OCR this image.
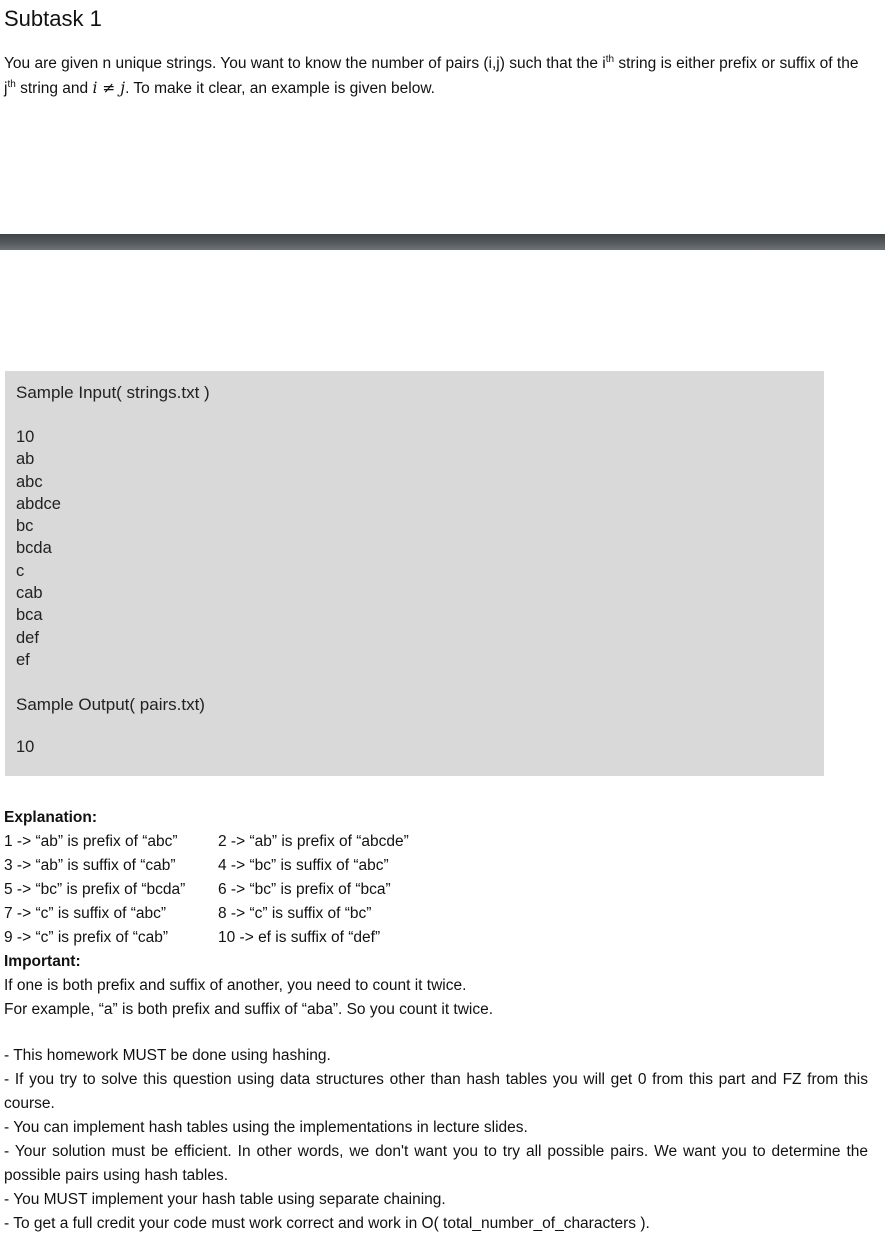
Subtask 1

You are given n unique strings. You want to know the number of pairs (i,j) such that the $i^{th}$ string is either prefix or suffix of the $j^{th}$ string and i ≠ j. To make it clear, an example is given below.

Sample Input( strings.txt )

10
ab
abc
abdce
bc
bcda
c
cab
bca
def
ef

Sample Output( pairs.txt)

10
Explanation:
1 -> “ab” is prefix of “abc”	2 -> “ab” is prefix of “abcde”
3 -> “ab” is suffix of “cab”	4 -> “bc” is suffix of “abc”
5 -> “bc” is prefix of “bcda”	6 -> “bc” is prefix of “bca”
7 -> “c” is suffix of “abc”	8 -> “c” is suffix of “bc”
9 -> “c” is prefix of “cab”	10 -> ef is suffix of “def”
Important:
If one is both prefix and suffix of another, you need to count it twice.
For example, “a” is both prefix and suffix of “aba”. So you count it twice.
- This homework MUST be done using hashing.
- If you try to solve this question using data structures other than hash tables you will get 0 from this part and FZ from this course.
- You can implement hash tables using the implementations in lecture slides.
- Your solution must be efficient. In other words, we don't want you to try all possible pairs. We want you to determine the possible pairs using hash tables.
- You MUST implement your hash table using separate chaining.
- To get a full credit your code must work correct and work in O( total_number_of_characters ).
